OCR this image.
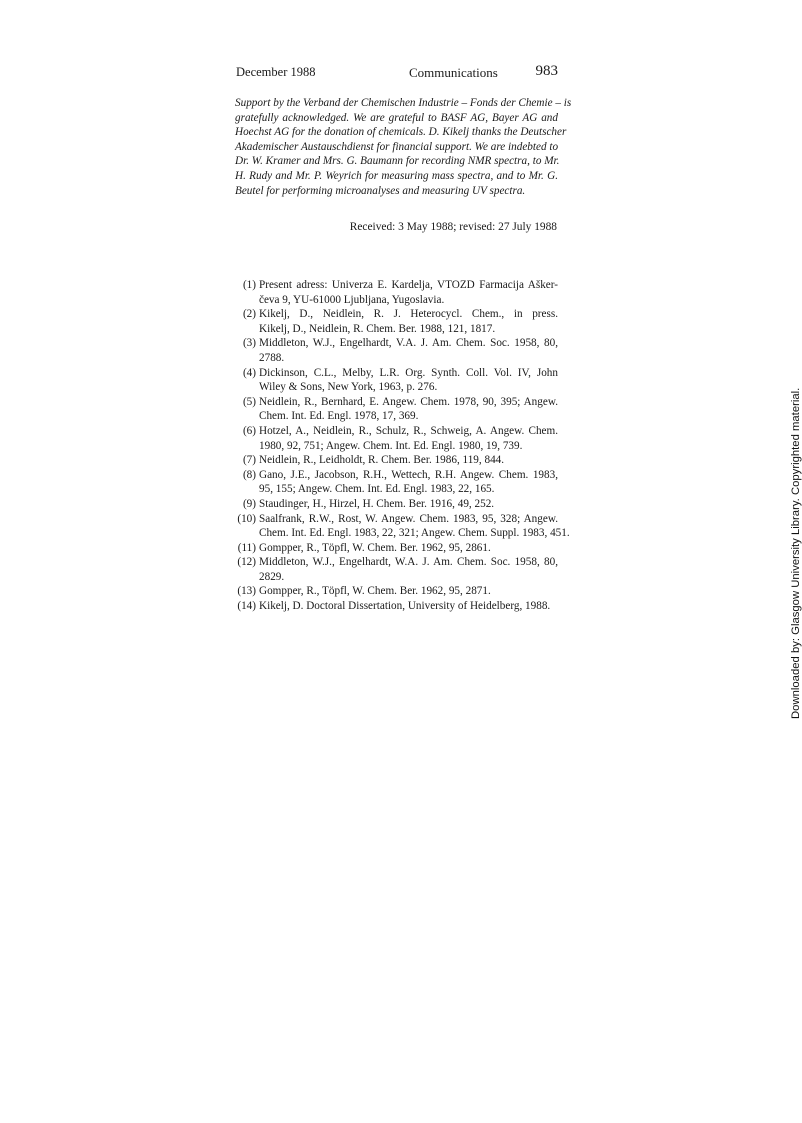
December 1988	Communications	983
Support by the Verband der Chemischen Industrie – Fonds der Chemie – is
gratefully acknowledged. We are grateful to BASF AG, Bayer AG and
Hoechst AG for the donation of chemicals. D. Kikelj thanks the Deutscher
Akademischer Austauschdienst for financial support. We are indebted to
Dr. W. Kramer and Mrs. G. Baumann for recording NMR spectra, to Mr.
H. Rudy and Mr. P. Weyrich for measuring mass spectra, and to Mr. G.
Beutel for performing microanalyses and measuring UV spectra.
Received: 3 May 1988; revised: 27 July 1988
(1) Present adress: Univerza E. Kardelja, VTOZD Farmacija Ašker-
čeva 9, YU-61000 Ljubljana, Yugoslavia.
(2) Kikelj, D., Neidlein, R. J. Heterocycl. Chem., in press.
Kikelj, D., Neidlein, R. Chem. Ber. 1988, 121, 1817.
(3) Middleton, W.J., Engelhardt, V.A. J. Am. Chem. Soc. 1958, 80,
2788.
(4) Dickinson, C.L., Melby, L.R. Org. Synth. Coll. Vol. IV, John
Wiley & Sons, New York, 1963, p. 276.
(5) Neidlein, R., Bernhard, E. Angew. Chem. 1978, 90, 395; Angew.
Chem. Int. Ed. Engl. 1978, 17, 369.
(6) Hotzel, A., Neidlein, R., Schulz, R., Schweig, A. Angew. Chem.
1980, 92, 751; Angew. Chem. Int. Ed. Engl. 1980, 19, 739.
(7) Neidlein, R., Leidholdt, R. Chem. Ber. 1986, 119, 844.
(8) Gano, J.E., Jacobson, R.H., Wettech, R.H. Angew. Chem. 1983,
95, 155; Angew. Chem. Int. Ed. Engl. 1983, 22, 165.
(9) Staudinger, H., Hirzel, H. Chem. Ber. 1916, 49, 252.
(10) Saalfrank, R.W., Rost, W. Angew. Chem. 1983, 95, 328; Angew.
Chem. Int. Ed. Engl. 1983, 22, 321; Angew. Chem. Suppl. 1983, 451.
(11) Gompper, R., Töpfl, W. Chem. Ber. 1962, 95, 2861.
(12) Middleton, W.J., Engelhardt, W.A. J. Am. Chem. Soc. 1958, 80,
2829.
(13) Gompper, R., Töpfl, W. Chem. Ber. 1962, 95, 2871.
(14) Kikelj, D. Doctoral Dissertation, University of Heidelberg, 1988.	Downloaded by: Glasgow University Library. Copyrighted material.
